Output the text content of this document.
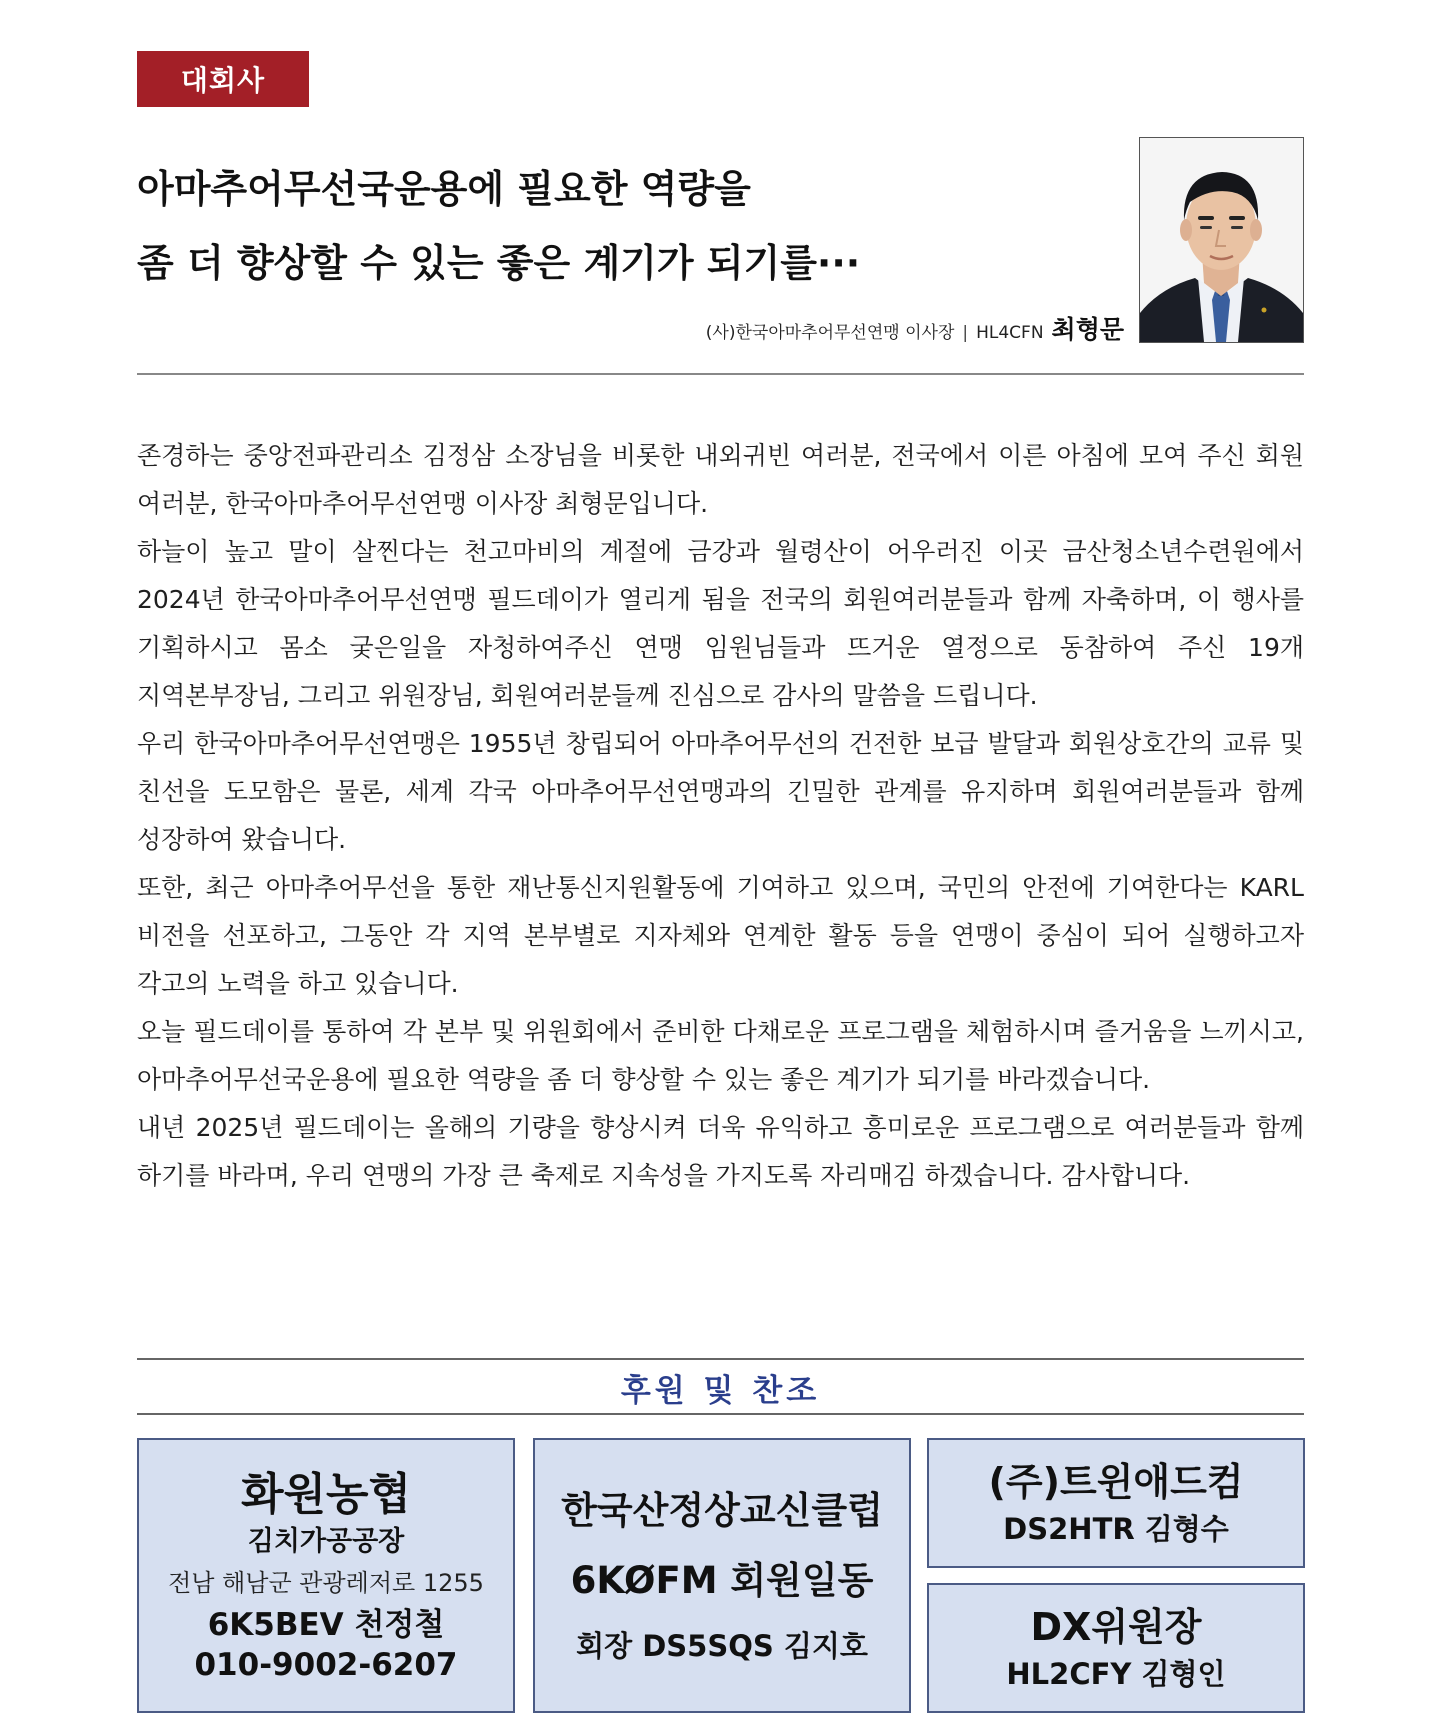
대회사
아마추어무선국운용에 필요한 역량을
좀 더 향상할 수 있는 좋은 계기가 되기를···
(사)한국아마추어무선연맹 이사장 | HL4CFN 최형문

존경하는 중앙전파관리소 김정삼 소장님을 비롯한 내외귀빈 여러분, 전국에서 이른 아침에 모여 주신 회원 여러분, 한국아마추어무선연맹 이사장 최형문입니다.

하늘이 높고 말이 살찐다는 천고마비의 계절에 금강과 월령산이 어우러진 이곳 금산청소년수련원에서 2024년 한국아마추어무선연맹 필드데이가 열리게 됨을 전국의 회원여러분들과 함께 자축하며, 이 행사를 기획하시고 몸소 궂은일을 자청하여주신 연맹 임원님들과 뜨거운 열정으로 동참하여 주신 19개 지역본부장님, 그리고 위원장님, 회원여러분들께 진심으로 감사의 말씀을 드립니다.

우리 한국아마추어무선연맹은 1955년 창립되어 아마추어무선의 건전한 보급 발달과 회원상호간의 교류 및 친선을 도모함은 물론, 세계 각국 아마추어무선연맹과의 긴밀한 관계를 유지하며 회원여러분들과 함께 성장하여 왔습니다.

또한, 최근 아마추어무선을 통한 재난통신지원활동에 기여하고 있으며, 국민의 안전에 기여한다는 KARL 비전을 선포하고, 그동안 각 지역 본부별로 지자체와 연계한 활동 등을 연맹이 중심이 되어 실행하고자 각고의 노력을 하고 있습니다.

오늘 필드데이를 통하여 각 본부 및 위원회에서 준비한 다채로운 프로그램을 체험하시며 즐거움을 느끼시고, 아마추어무선국운용에 필요한 역량을 좀 더 향상할 수 있는 좋은 계기가 되기를 바라겠습니다.

내년 2025년 필드데이는 올해의 기량을 향상시켜 더욱 유익하고 흥미로운 프로그램으로 여러분들과 함께 하기를 바라며, 우리 연맹의 가장 큰 축제로 지속성을 가지도록 자리매김 하겠습니다. 감사합니다.

후원 및 찬조
화원농협
김치가공공장
전남 해남군 관광레저로 1255
6K5BEV 천정철
010-9002-6207
한국산정상교신클럽
6KØFM 회원일동
회장 DS5SQS 김지호
(주)트윈애드컴
DS2HTR 김형수
DX위원장
HL2CFY 김형인
